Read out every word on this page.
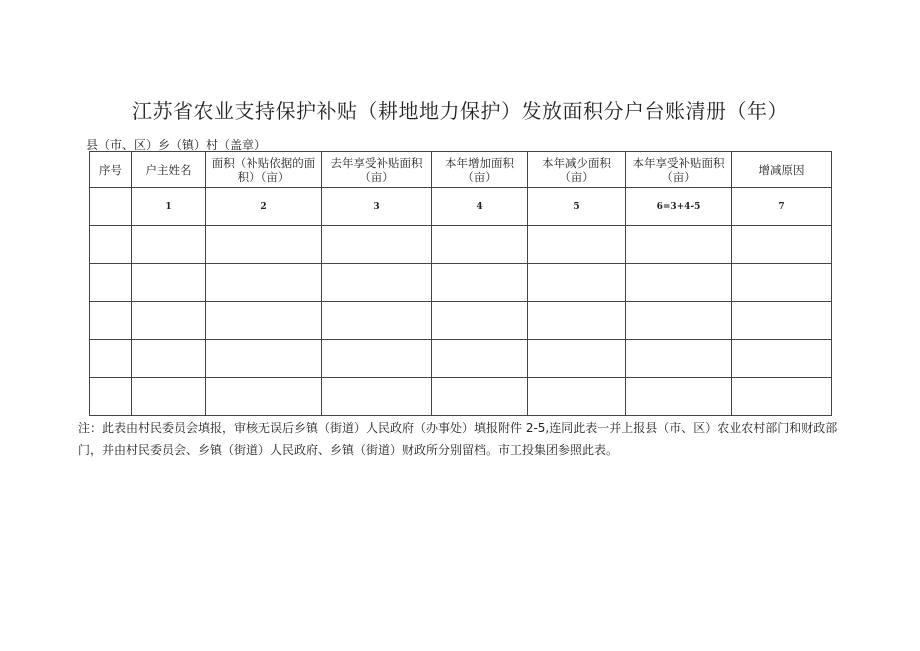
江苏省农业支持保护补贴（耕地地力保护）发放面积分户台账清册（年）
县（市、区）乡（镇）村（盖章）
序号	户主姓名	面积（补贴依据的面积）（亩）	去年享受补贴面积（亩）	本年增加面积（亩）	本年减少面积（亩）	本年享受补贴面积（亩）	增减原因
	1	2	3	4	5	6=3+4-5	7

注：此表由村民委员会填报，审核无误后乡镇（街道）人民政府（办事处）填报附件 2-5,连同此表一并上报县（市、区）农业农村部门和财政部门，并由村民委员会、乡镇（街道）人民政府、乡镇（街道）财政所分别留档。市工投集团参照此表。
